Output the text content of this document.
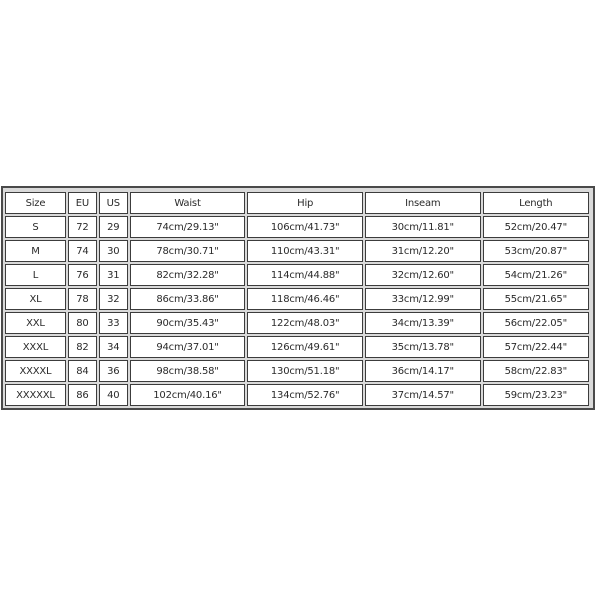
Size	EU	US	Waist	Hip	Inseam	Length
S	72	29	74cm/29.13"	106cm/41.73"	30cm/11.81"	52cm/20.47"
M	74	30	78cm/30.71"	110cm/43.31"	31cm/12.20"	53cm/20.87"
L	76	31	82cm/32.28"	114cm/44.88"	32cm/12.60"	54cm/21.26"
XL	78	32	86cm/33.86"	118cm/46.46"	33cm/12.99"	55cm/21.65"
XXL	80	33	90cm/35.43"	122cm/48.03"	34cm/13.39"	56cm/22.05"
XXXL	82	34	94cm/37.01"	126cm/49.61"	35cm/13.78"	57cm/22.44"
XXXXL	84	36	98cm/38.58"	130cm/51.18"	36cm/14.17"	58cm/22.83"
XXXXXL	86	40	102cm/40.16"	134cm/52.76"	37cm/14.57"	59cm/23.23"
